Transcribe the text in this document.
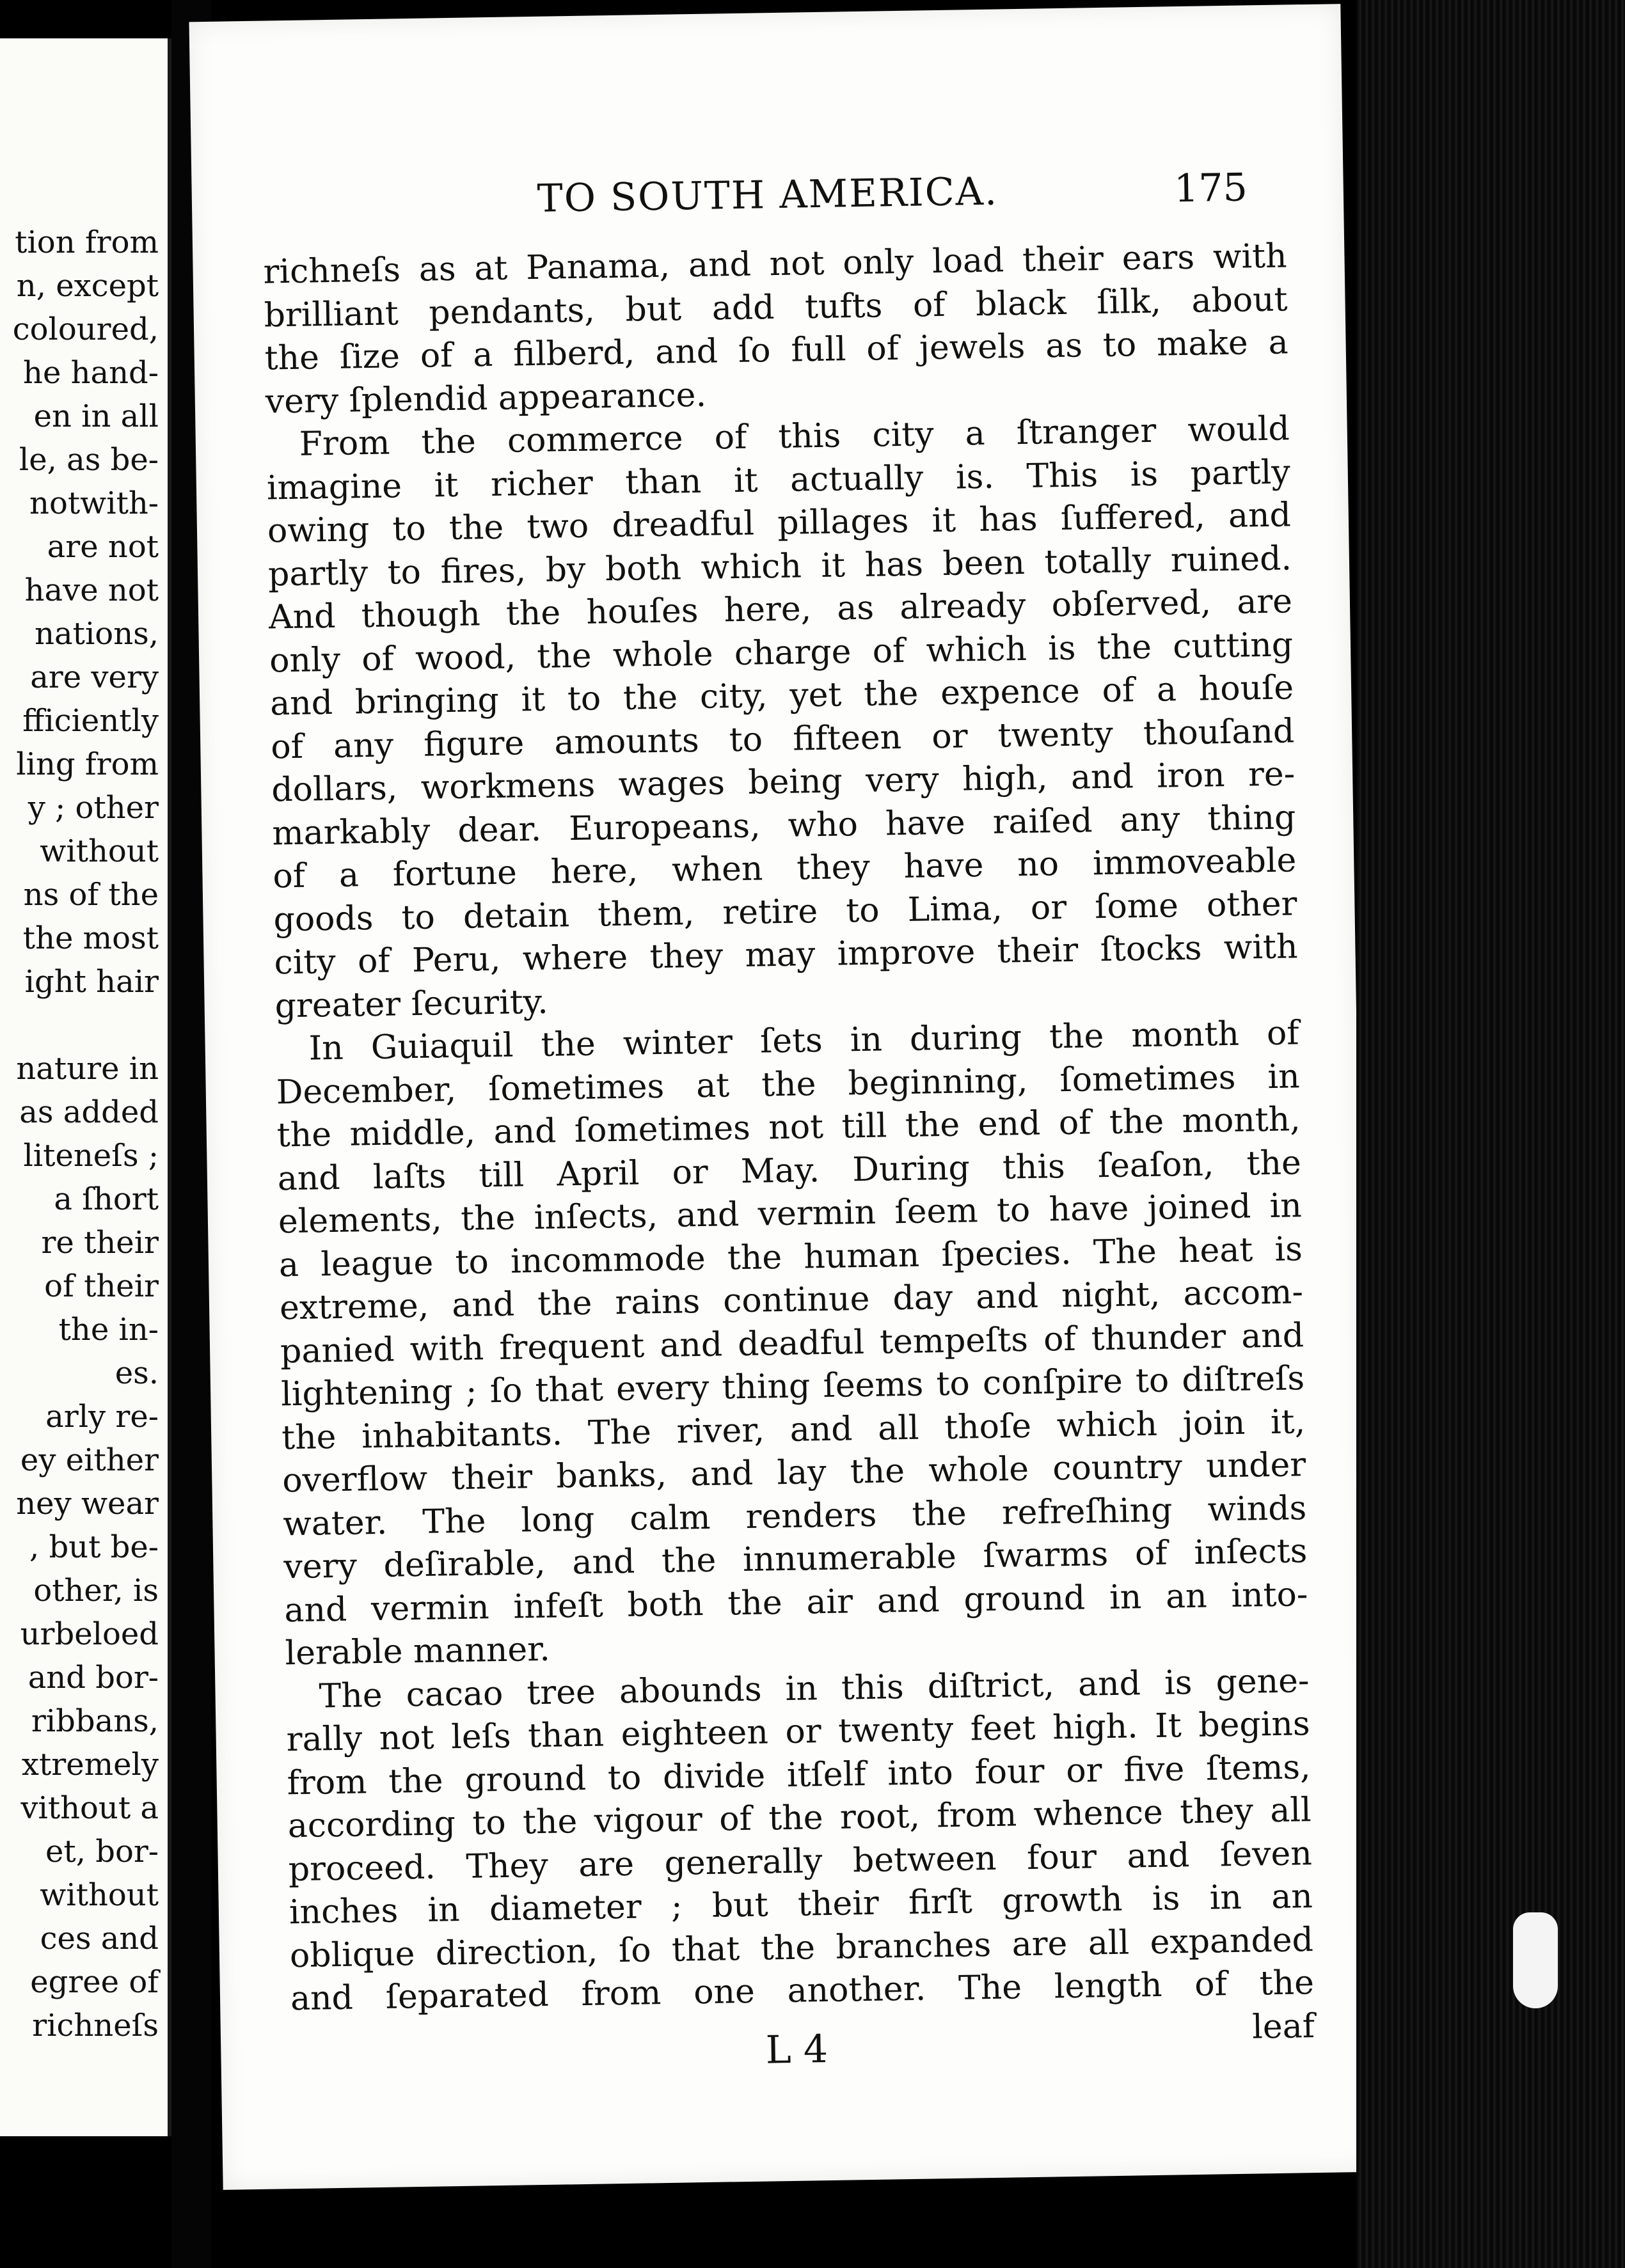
tion from
n, except
coloured,
he hand-
en in all
le, as be-
notwith-
are not
have not
nations,
are very
fficiently
ling from
y ; other
without
ns of the
the most
ight hair
nature in
as added
liteneſs ;
a ſhort
re their
of their
the in-
es.
arly re-
ey either
ney wear
, but be-
other, is
urbeloed
and bor-
ribbans,
xtremely
vithout a
et, bor-
without
ces and
egree of
richneſs
TO SOUTH AMERICA.	175
richneſs as at Panama, and not only load their ears with
brilliant pendants, but add tufts of black ſilk, about
the ſize of a filberd, and ſo full of jewels as to make a
very ſplendid appearance.
From the commerce of this city a ſtranger would
imagine it richer than it actually is. This is partly
owing to the two dreadful pillages it has ſuffered, and
partly to fires, by both which it has been totally ruined.
And though the houſes here, as already obſerved, are
only of wood, the whole charge of which is the cutting
and bringing it to the city, yet the expence of a houſe
of any figure amounts to fifteen or twenty thouſand
dollars, workmens wages being very high, and iron re-
markably dear. Europeans, who have raiſed any thing
of a fortune here, when they have no immoveable
goods to detain them, retire to Lima, or ſome other
city of Peru, where they may improve their ſtocks with
greater ſecurity.
In Guiaquil the winter ſets in during the month of
December, ſometimes at the beginning, ſometimes in
the middle, and ſometimes not till the end of the month,
and laſts till April or May. During this ſeaſon, the
elements, the inſects, and vermin ſeem to have joined in
a league to incommode the human ſpecies. The heat is
extreme, and the rains continue day and night, accom-
panied with frequent and deadful tempeſts of thunder and
lightening ; ſo that every thing ſeems to conſpire to diſtreſs
the inhabitants. The river, and all thoſe which join it,
overflow their banks, and lay the whole country under
water. The long calm renders the refreſhing winds
very deſirable, and the innumerable ſwarms of inſects
and vermin infeſt both the air and ground in an into-
lerable manner.
The cacao tree abounds in this diſtrict, and is gene-
rally not leſs than eighteen or twenty feet high. It begins
from the ground to divide itſelf into four or five ſtems,
according to the vigour of the root, from whence they all
proceed. They are generally between four and ſeven
inches in diameter ; but their firſt growth is in an
oblique direction, ſo that the branches are all expanded
and ſeparated from one another. The length of the
leaf
L 4
